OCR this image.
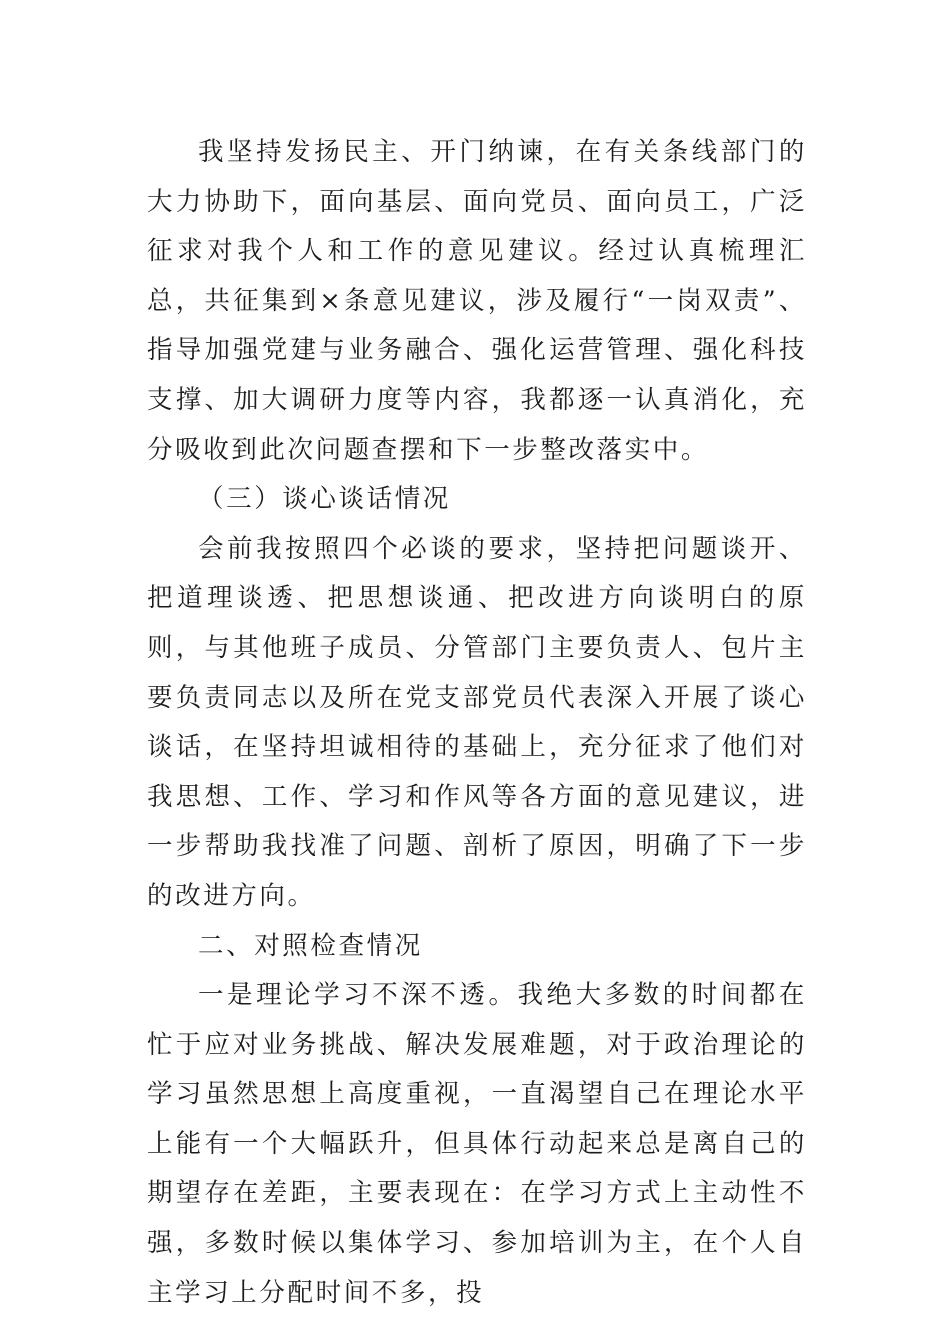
我坚持发扬民主、开门纳谏，在有关条线部门的大力协助下，面向基层、面向党员、面向员工，广泛征求对我个人和工作的意见建议。经过认真梳理汇总，共征集到×条意见建议，涉及履行“一岗双责”、指导加强党建与业务融合、强化运营管理、强化科技支撑、加大调研力度等内容，我都逐一认真消化，充分吸收到此次问题查摆和下一步整改落实中。

（三）谈心谈话情况

会前我按照四个必谈的要求，坚持把问题谈开、把道理谈透、把思想谈通、把改进方向谈明白的原则，与其他班子成员、分管部门主要负责人、包片主要负责同志以及所在党支部党员代表深入开展了谈心谈话，在坚持坦诚相待的基础上，充分征求了他们对我思想、工作、学习和作风等各方面的意见建议，进一步帮助我找准了问题、剖析了原因，明确了下一步的改进方向。

二、对照检查情况

一是理论学习不深不透。我绝大多数的时间都在忙于应对业务挑战、解决发展难题，对于政治理论的学习虽然思想上高度重视，一直渴望自己在理论水平上能有一个大幅跃升，但具体行动起来总是离自己的期望存在差距，主要表现在：在学习方式上主动性不强，多数时候以集体学习、参加培训为主，在个人自主学习上分配时间不多，投
